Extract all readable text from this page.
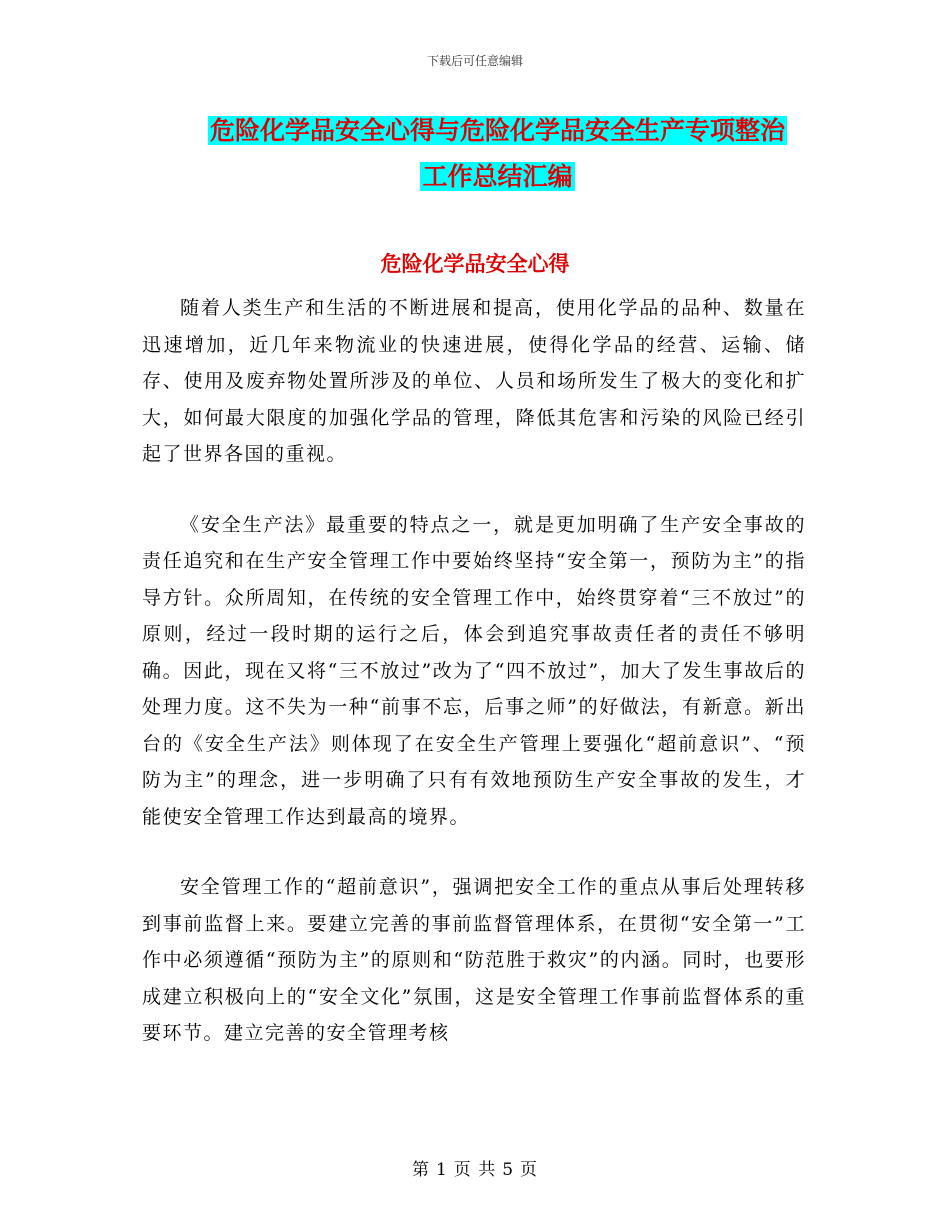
下载后可任意编辑
危险化学品安全心得与危险化学品安全生产专项整治
工作总结汇编
危险化学品安全心得

随着人类生产和生活的不断进展和提高，使用化学品的品种、数量在迅速增加，近几年来物流业的快速进展，使得化学品的经营、运输、储存、使用及废弃物处置所涉及的单位、人员和场所发生了极大的变化和扩大，如何最大限度的加强化学品的管理，降低其危害和污染的风险已经引起了世界各国的重视。

《安全生产法》最重要的特点之一，就是更加明确了生产安全事故的责任追究和在生产安全管理工作中要始终坚持“安全第一，预防为主”的指导方针。众所周知，在传统的安全管理工作中，始终贯穿着“三不放过”的原则，经过一段时期的运行之后，体会到追究事故责任者的责任不够明确。因此，现在又将“三不放过”改为了“四不放过”，加大了发生事故后的处理力度。这不失为一种“前事不忘，后事之师”的好做法，有新意。新出台的《安全生产法》则体现了在安全生产管理上要强化“超前意识”、“预防为主”的理念，进一步明确了只有有效地预防生产安全事故的发生，才能使安全管理工作达到最高的境界。

安全管理工作的“超前意识”，强调把安全工作的重点从事后处理转移到事前监督上来。要建立完善的事前监督管理体系，在贯彻“安全第一”工作中必须遵循“预防为主”的原则和“防范胜于救灾”的内涵。同时，也要形成建立积极向上的“安全文化”氛围，这是安全管理工作事前监督体系的重要环节。建立完善的安全管理考核

第 1 页 共 5 页
